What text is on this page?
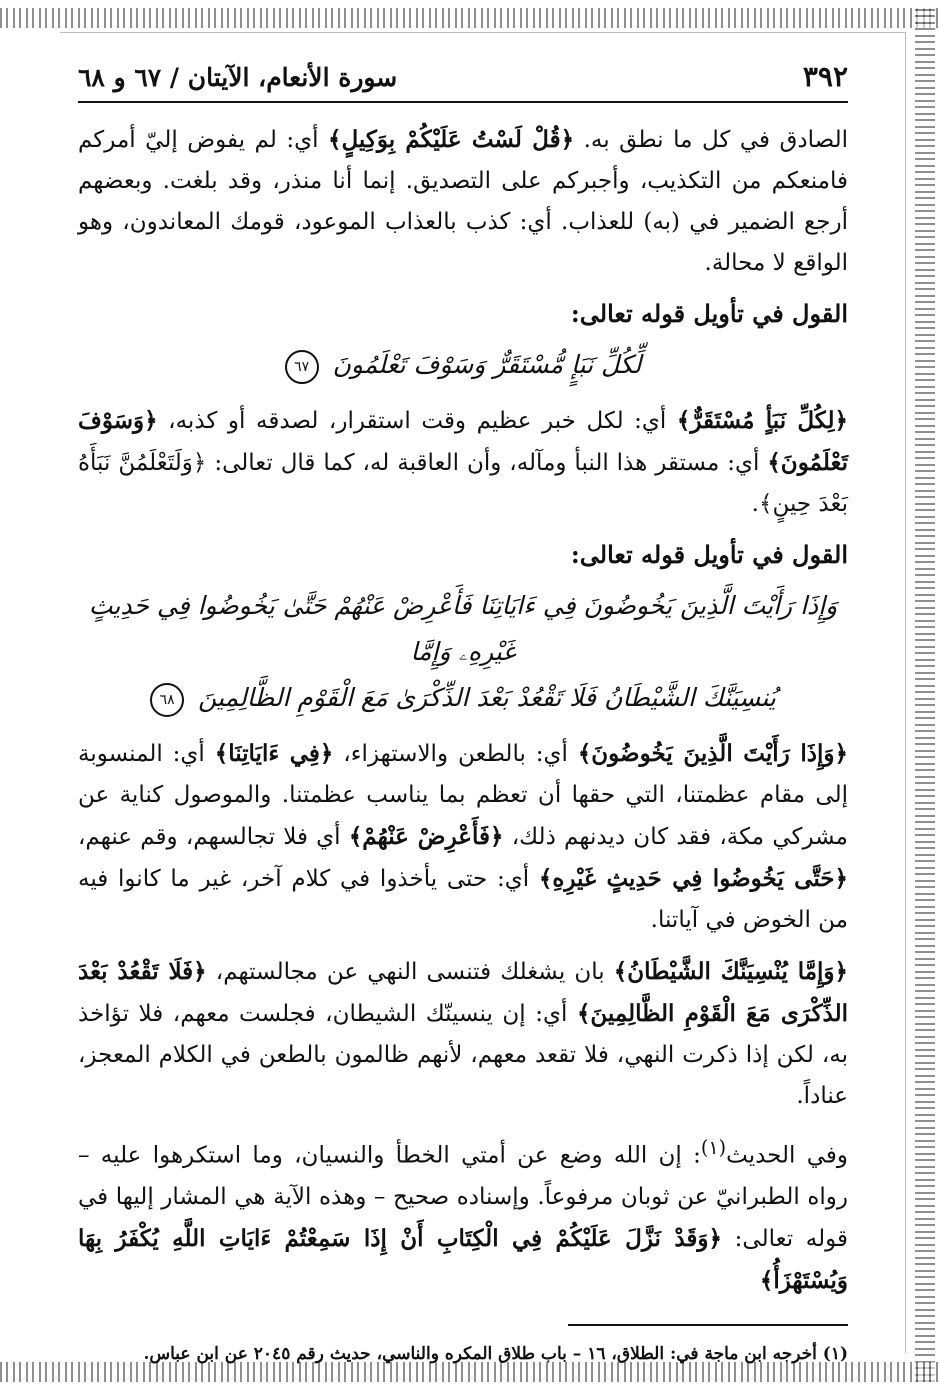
٣٩٢
سورة الأنعام، الآيتان / ٦٧ و ٦٨

الصادق في كل ما نطق به. ﴿قُلْ لَسْتُ عَلَيْكُمْ بِوَكِيلٍ﴾ أي: لم يفوض إليّ أمركم فامنعكم من التكذيب، وأجبركم على التصديق. إنما أنا منذر، وقد بلغت. وبعضهم أرجع الضمير في (به) للعذاب. أي: كذب بالعذاب الموعود، قومك المعاندون، وهو الواقع لا محالة.

القول في تأويل قوله تعالى:
لِّكُلِّ نَبَإٍ مُّسْتَقَرٌّ وَسَوْفَ تَعْلَمُونَ ٦٧

﴿لِكُلِّ نَبَأٍ مُسْتَقَرٌّ﴾ أي: لكل خبر عظيم وقت استقرار، لصدقه أو كذبه، ﴿وَسَوْفَ تَعْلَمُونَ﴾ أي: مستقر هذا النبأ ومآله، وأن العاقبة له، كما قال تعالى: ﴿وَلَتَعْلَمُنَّ نَبَأَهُ بَعْدَ حِينٍ﴾.

القول في تأويل قوله تعالى:
وَإِذَا رَأَيْتَ الَّذِينَ يَخُوضُونَ فِي ءَايَاتِنَا فَأَعْرِضْ عَنْهُمْ حَتَّىٰ يَخُوضُوا فِي حَدِيثٍ غَيْرِهِۦ وَإِمَّا
يُنسِيَنَّكَ الشَّيْطَانُ فَلَا تَقْعُدْ بَعْدَ الذِّكْرَىٰ مَعَ الْقَوْمِ الظَّالِمِينَ ٦٨

﴿وَإِذَا رَأَيْتَ الَّذِينَ يَخُوضُونَ﴾ أي: بالطعن والاستهزاء، ﴿فِي ءَايَاتِنَا﴾ أي: المنسوبة إلى مقام عظمتنا، التي حقها أن تعظم بما يناسب عظمتنا. والموصول كناية عن مشركي مكة، فقد كان ديدنهم ذلك، ﴿فَأَعْرِضْ عَنْهُمْ﴾ أي فلا تجالسهم، وقم عنهم، ﴿حَتَّى يَخُوضُوا فِي حَدِيثٍ غَيْرِهِ﴾ أي: حتى يأخذوا في كلام آخر، غير ما كانوا فيه من الخوض في آياتنا.

﴿وَإِمَّا يُنْسِيَنَّكَ الشَّيْطَانُ﴾ بان يشغلك فتنسى النهي عن مجالستهم، ﴿فَلَا تَقْعُدْ بَعْدَ الذِّكْرَى مَعَ الْقَوْمِ الظَّالِمِينَ﴾ أي: إن ينسينّك الشيطان، فجلست معهم، فلا تؤاخذ به، لكن إذا ذكرت النهي، فلا تقعد معهم، لأنهم ظالمون بالطعن في الكلام المعجز، عناداً.

وفي الحديث$^{(١)}$: إن الله وضع عن أمتي الخطأ والنسيان، وما استكرهوا عليه – رواه الطبرانيّ عن ثوبان مرفوعاً. وإسناده صحيح – وهذه الآية هي المشار إليها في قوله تعالى: ﴿وَقَدْ نَزَّلَ عَلَيْكُمْ فِي الْكِتَابِ أَنْ إِذَا سَمِعْتُمْ ءَايَاتِ اللَّهِ يُكْفَرُ بِهَا وَيُسْتَهْزَأُ﴾

(١) أخرجه ابن ماجة في: الطلاق، ١٦ – باب طلاق المكره والناسي، حديث رقم ٢٠٤٥ عن ابن عباس.
